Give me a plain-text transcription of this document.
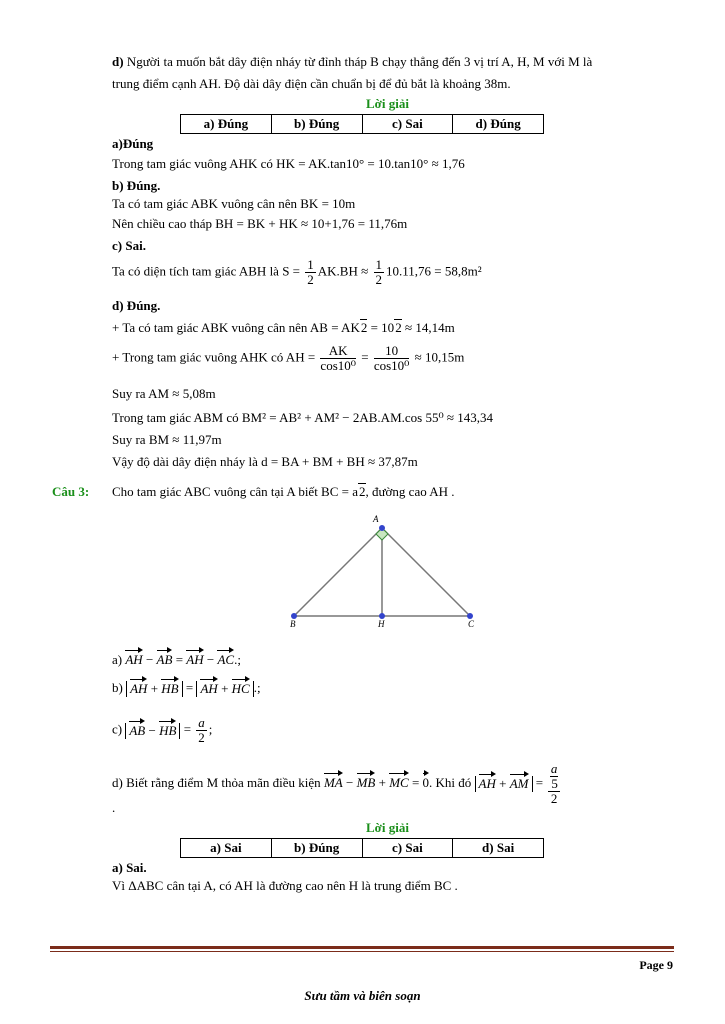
d) Người ta muốn bắt dây điện nháy từ đỉnh tháp B chạy thẳng đến 3 vị trí A, H, M với M là
trung điểm cạnh AH. Độ dài dây điện cần chuẩn bị để đủ bắt là khoảng 38m.
Lời giải
a) Đúng	b) Đúng	c) Sai	d) Đúng
a)Đúng
Trong tam giác vuông AHK có HK = AK.tan10° = 10.tan10° ≈ 1,76
b) Đúng.
Ta có tam giác ABK vuông cân nên BK = 10m
Nên chiều cao tháp BH = BK + HK ≈ 10+1,76 = 11,76m
c) Sai.
Ta có diện tích tam giác ABH là $S = \frac{1}{2} AK.BH \approx \frac{1}{2} 10.11,76 = 58,8m^2$
d) Đúng.
+ Ta có tam giác ABK vuông cân nên AB = AK2 = 102 ≈ 14,14m
+ Trong tam giác vuông AHK có AH = $\frac{AK}{\text{cos10⁰}} = \frac{10}{\text{cos10⁰}} \approx 10,15m$
Suy ra AM ≈ 5,08m
Trong tam giác ABM có BM² = AB² + AM² − 2AB.AM.cos 55⁰ ≈ 143,34
Suy ra BM ≈ 11,97m
Vậy độ dài dây điện nháy là d = BA + BM + BH ≈ 37,87m
Câu 3: Cho tam giác ABC vuông cân tại A biết BC = a2, đường cao AH .
A
B	H	C
a) AH − AB = AH − AC.;
b) AH + HB = AH + HC .;
c) AB − HB = $\frac{a}{2}$ ;
d) Biết rằng điểm M thỏa mãn điều kiện MA − MB + MC = 0. Khi đó AH + AM = a
5
2
.
Lời giải
a) Sai	b) Đúng	c) Sai	d) Sai
a) Sai.
Vì ΔABC cân tại A, có AH là đường cao nên H là trung điểm BC .
Page 9
Sưu tầm và biên soạn
